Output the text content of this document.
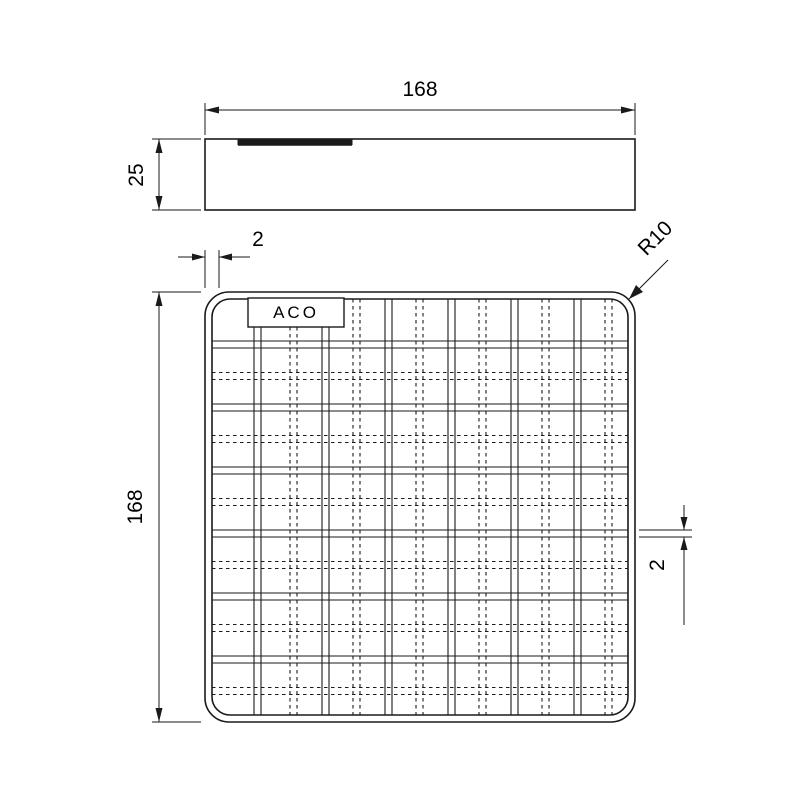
168
25
ACO
2
168
2
R10
